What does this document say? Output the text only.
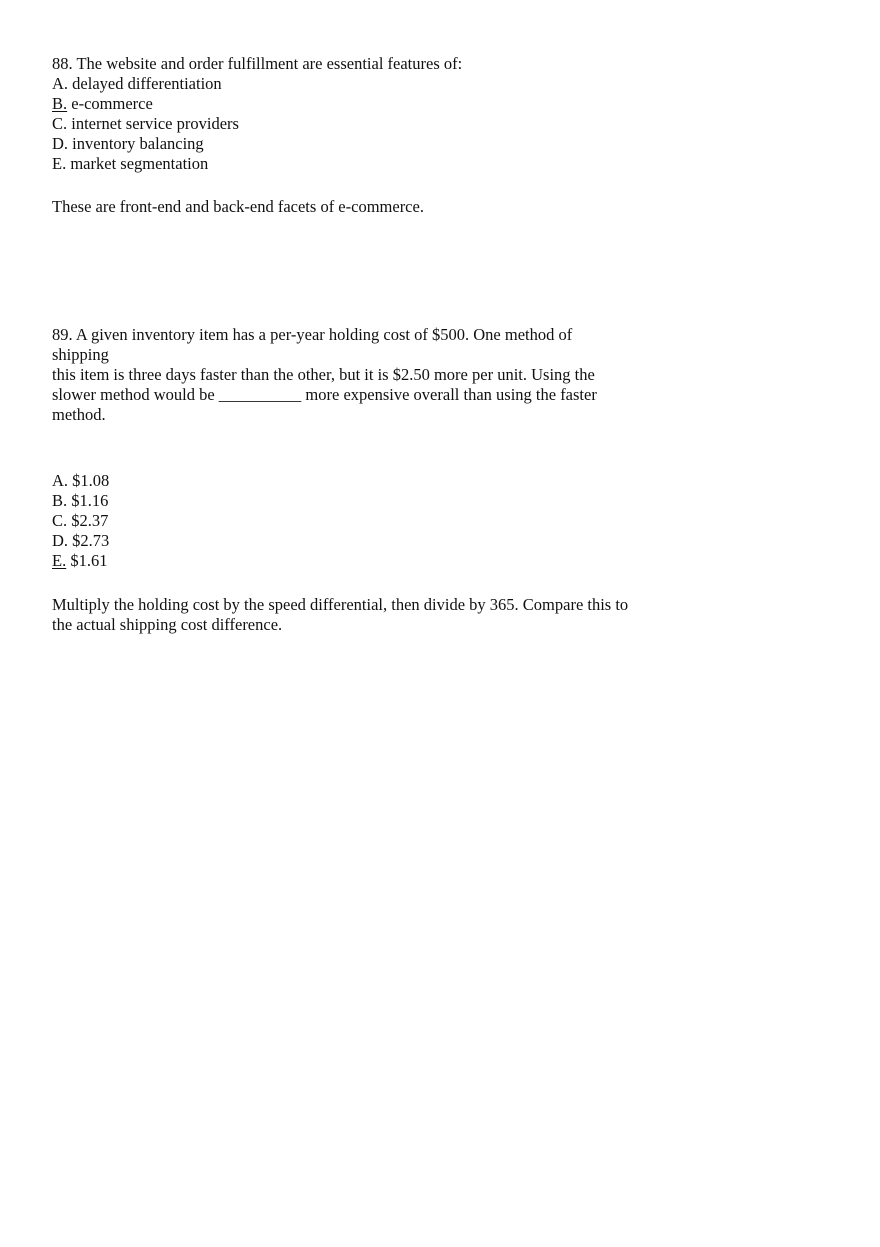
88. The website and order fulfillment are essential features of:
A. delayed differentiation
B. e-commerce
C. internet service providers
D. inventory balancing
E. market segmentation
These are front-end and back-end facets of e-commerce.
89. A given inventory item has a per-year holding cost of $500. One method of
shipping
this item is three days faster than the other, but it is $2.50 more per unit. Using the
slower method would be __________ more expensive overall than using the faster
method.
A. $1.08
B. $1.16
C. $2.37
D. $2.73
E. $1.61
Multiply the holding cost by the speed differential, then divide by 365. Compare this to
the actual shipping cost difference.
